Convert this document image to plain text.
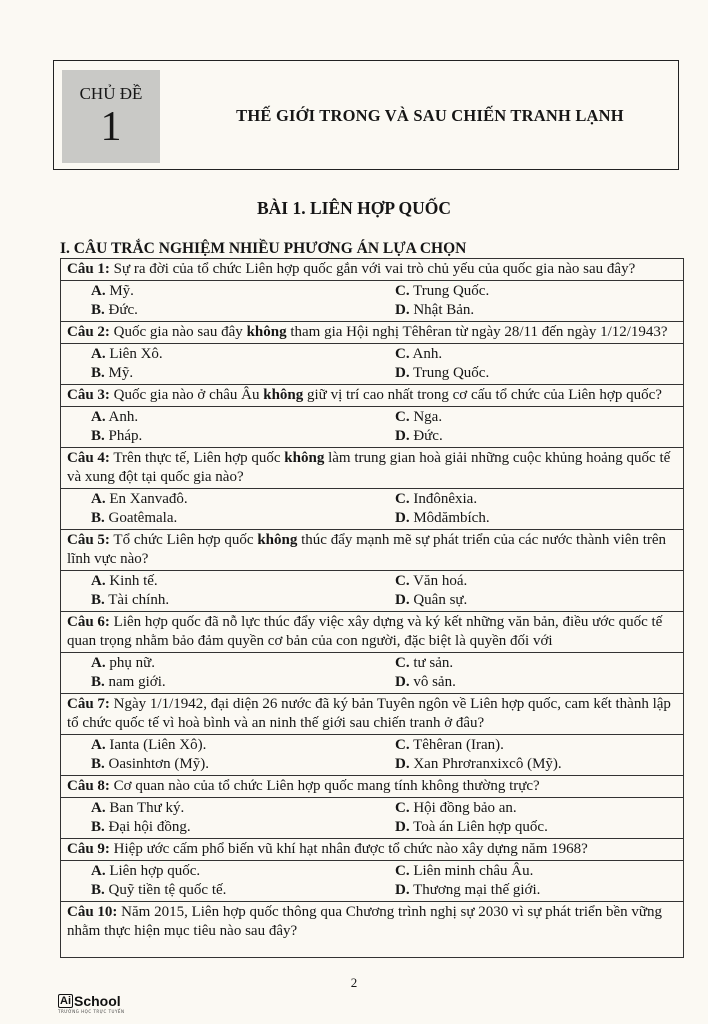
CHỦ ĐỀ
1	THẾ GIỚI TRONG VÀ SAU CHIẾN TRANH LẠNH
BÀI 1. LIÊN HỢP QUỐC
I. CÂU TRẮC NGHIỆM NHIỀU PHƯƠNG ÁN LỰA CHỌN
Câu 1: Sự ra đời của tổ chức Liên hợp quốc gắn với vai trò chủ yếu của quốc gia nào sau đây?
A. Mỹ.	C. Trung Quốc.
B. Đức.	D. Nhật Bản.
Câu 2: Quốc gia nào sau đây không tham gia Hội nghị Têhêran từ ngày 28/11 đến ngày 1/12/1943?
A. Liên Xô.	C. Anh.
B. Mỹ.	D. Trung Quốc.
Câu 3: Quốc gia nào ở châu Âu không giữ vị trí cao nhất trong cơ cấu tổ chức của Liên hợp quốc?
A. Anh.	C. Nga.
B. Pháp.	D. Đức.
Câu 4: Trên thực tế, Liên hợp quốc không làm trung gian hoà giải những cuộc khủng hoảng quốc tế và xung đột tại quốc gia nào?
A. En Xanvađô.	C. Inđônêxia.
B. Goatêmala.	D. Môdămbích.
Câu 5: Tổ chức Liên hợp quốc không thúc đẩy mạnh mẽ sự phát triển của các nước thành viên trên lĩnh vực nào?
A. Kinh tế.	C. Văn hoá.
B. Tài chính.	D. Quân sự.
Câu 6: Liên hợp quốc đã nỗ lực thúc đẩy việc xây dựng và ký kết những văn bản, điều ước quốc tế quan trọng nhằm bảo đảm quyền cơ bản của con người, đặc biệt là quyền đối với
A. phụ nữ.	C. tư sản.
B. nam giới.	D. vô sản.
Câu 7: Ngày 1/1/1942, đại diện 26 nước đã ký bản Tuyên ngôn về Liên hợp quốc, cam kết thành lập tổ chức quốc tế vì hoà bình và an ninh thế giới sau chiến tranh ở đâu?
A. Ianta (Liên Xô).	C. Têhêran (Iran).
B. Oasinhtơn (Mỹ).	D. Xan Phrơranxixcô (Mỹ).
Câu 8: Cơ quan nào của tổ chức Liên hợp quốc mang tính không thường trực?
A. Ban Thư ký.	C. Hội đồng bảo an.
B. Đại hội đồng.	D. Toà án Liên hợp quốc.
Câu 9: Hiệp ước cấm phổ biến vũ khí hạt nhân được tổ chức nào xây dựng năm 1968?
A. Liên hợp quốc.	C. Liên minh châu Âu.
B. Quỹ tiền tệ quốc tế.	D. Thương mại thế giới.
Câu 10: Năm 2015, Liên hợp quốc thông qua Chương trình nghị sự 2030 vì sự phát triển bền vững nhằm thực hiện mục tiêu nào sau đây?
2
Ai School
TRƯỜNG HỌC TRỰC TUYẾN
